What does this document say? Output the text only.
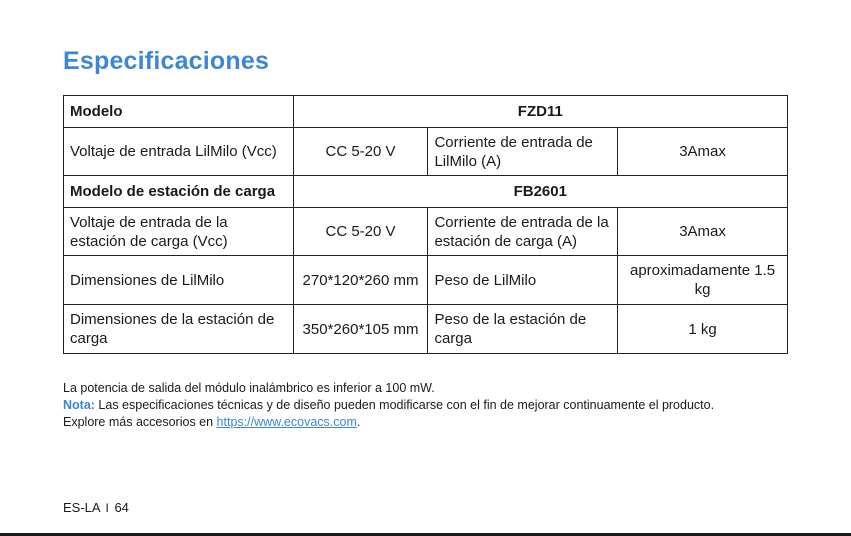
Especificaciones
Modelo	FZD11		
Voltaje de entrada LilMilo (Vcc)	CC 5-20 V	Corriente de entrada de LilMilo (A)	3Amax
Modelo de estación de carga	FB2601		
Voltaje de entrada de la estación de carga (Vcc)	CC 5-20 V	Corriente de entrada de la estación de carga (A)	3Amax
Dimensiones de LilMilo	270*120*260 mm	Peso de LilMilo	aproximadamente 1.5 kg
Dimensiones de la estación de carga	350*260*105 mm	Peso de la estación de carga	1 kg
La potencia de salida del módulo inalámbrico es inferior a 100 mW.
Nota: Las especificaciones técnicas y de diseño pueden modificarse con el fin de mejorar continuamente el producto.
Explore más accesorios en https://www.ecovacs.com.
ES-LA I 64
